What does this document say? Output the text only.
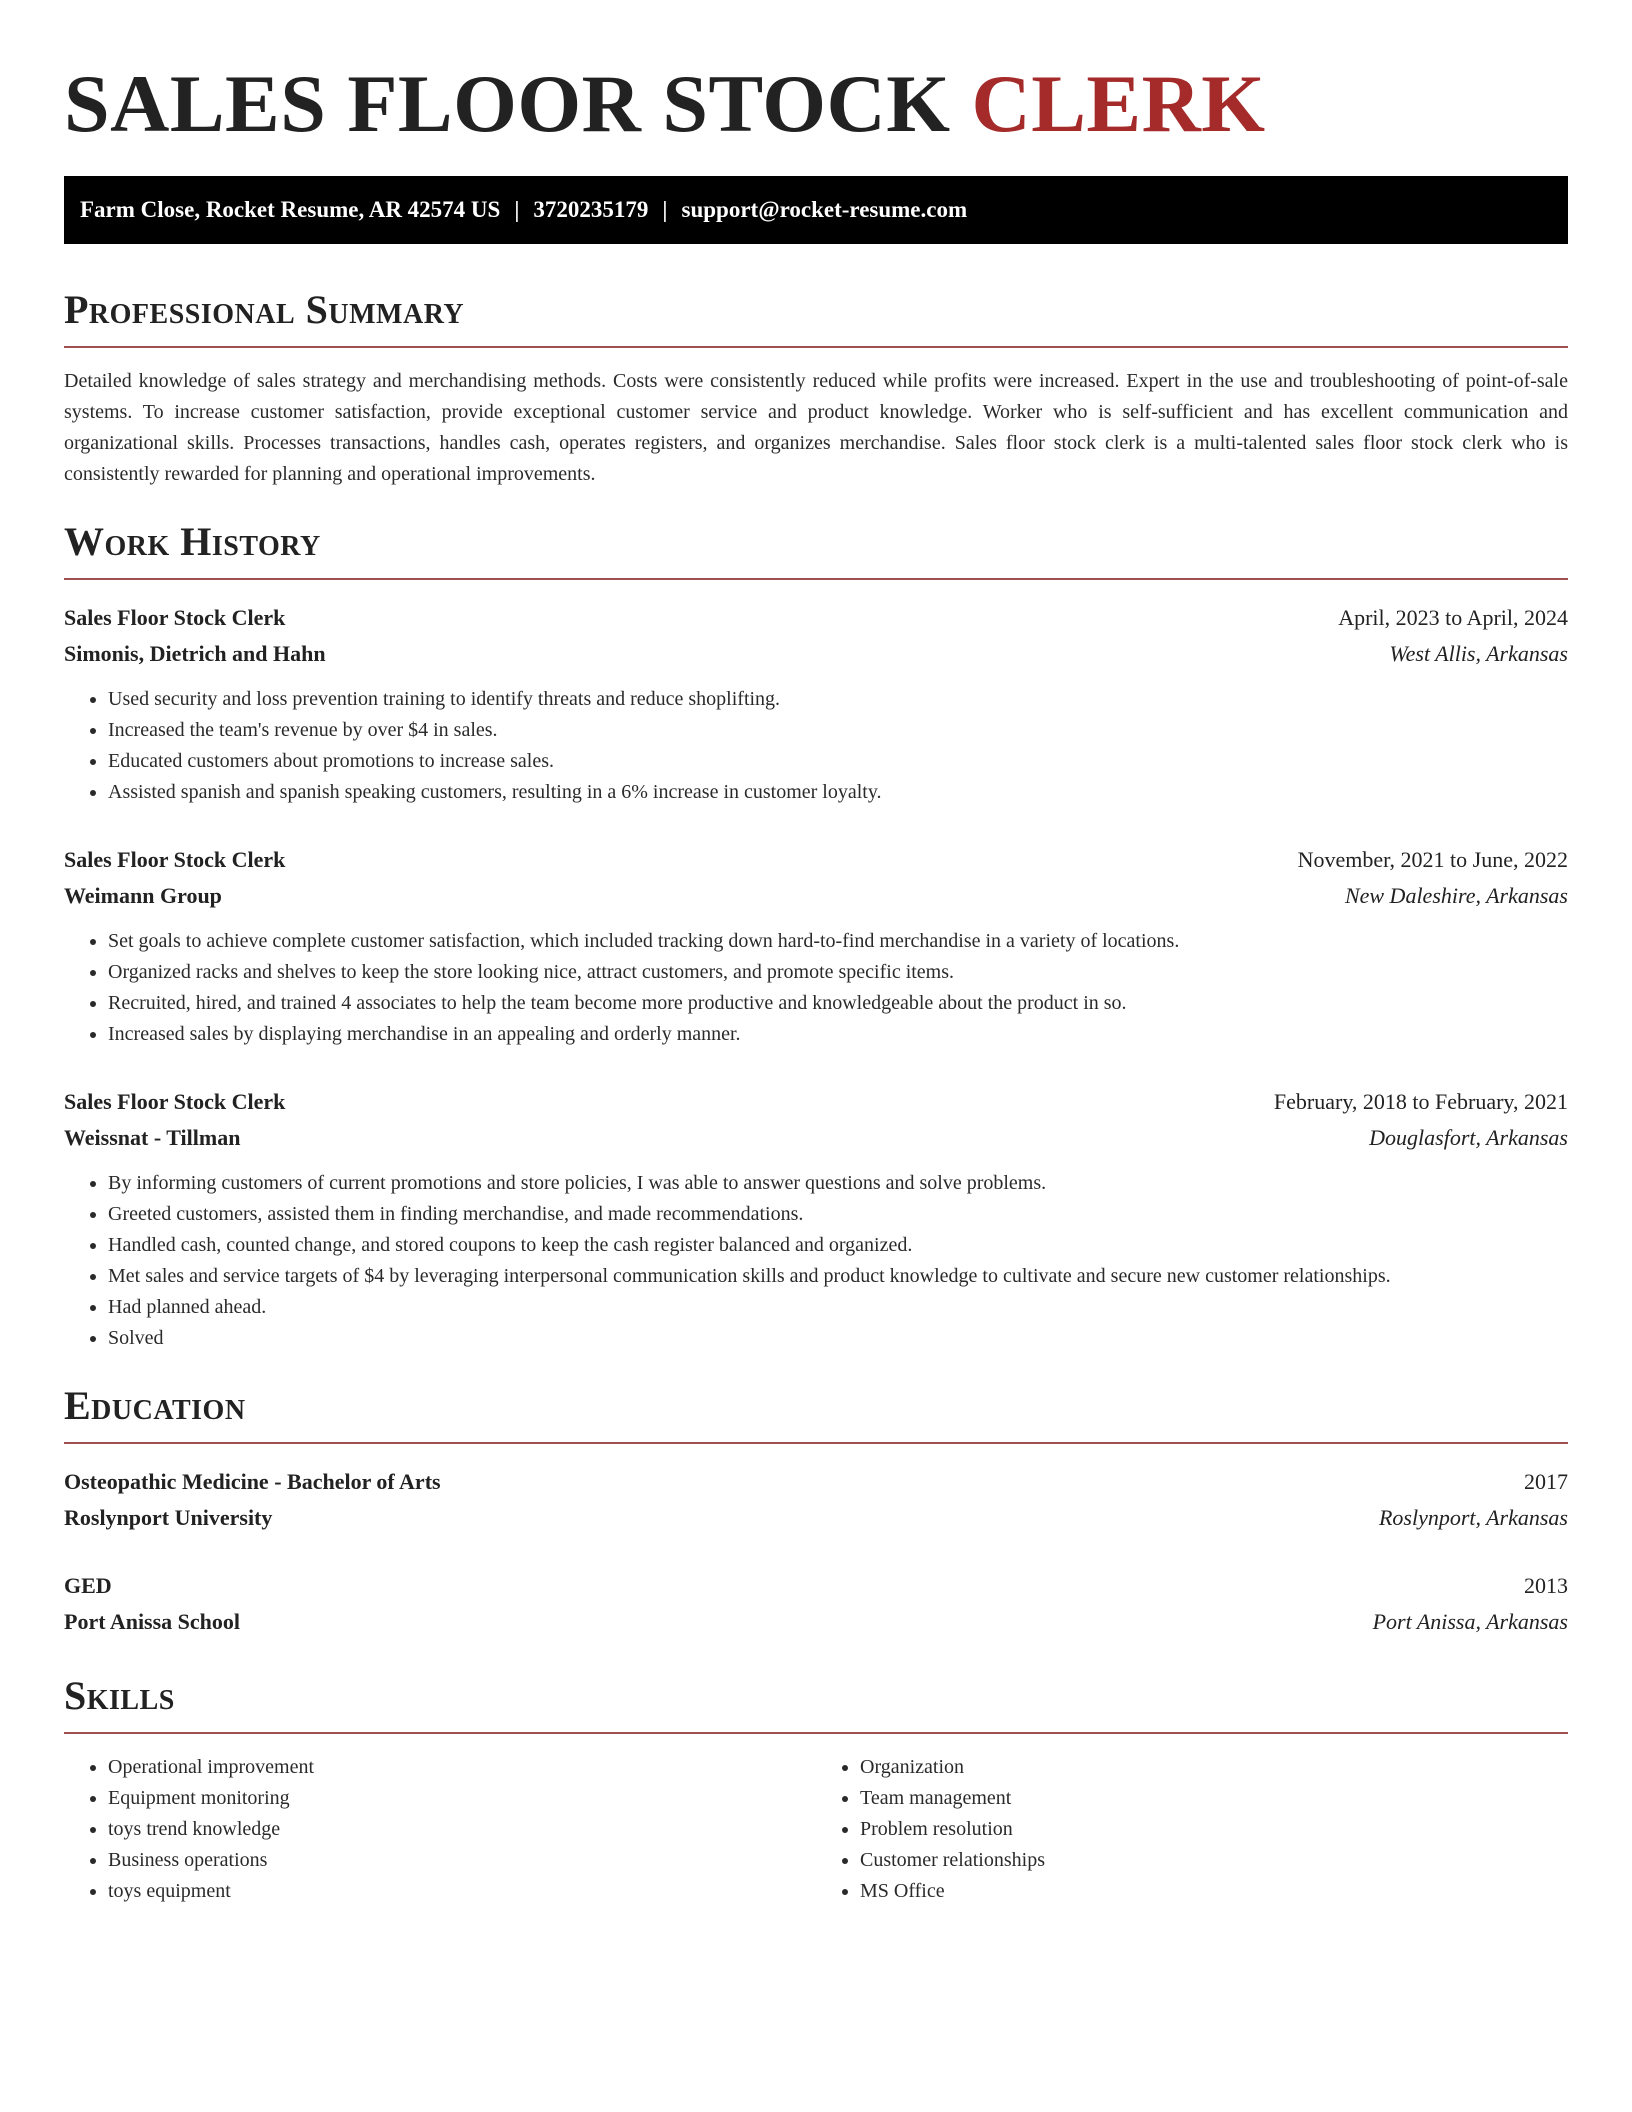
SALES FLOOR STOCK CLERK
Farm Close, Rocket Resume, AR 42574 US | 3720235179 | support@rocket-resume.com
Professional Summary

Detailed knowledge of sales strategy and merchandising methods. Costs were consistently reduced while profits were increased. Expert in the use and troubleshooting of point-of-sale systems. To increase customer satisfaction, provide exceptional customer service and product knowledge. Worker who is self-sufficient and has excellent communication and organizational skills. Processes transactions, handles cash, operates registers, and organizes merchandise. Sales floor stock clerk is a multi-talented sales floor stock clerk who is consistently rewarded for planning and operational improvements.

Work History
Sales Floor Stock Clerk	April, 2023 to April, 2024
Simonis, Dietrich and Hahn	West Allis, Arkansas
• Used security and loss prevention training to identify threats and reduce shoplifting.
• Increased the team's revenue by over $4 in sales.
• Educated customers about promotions to increase sales.
• Assisted spanish and spanish speaking customers, resulting in a 6% increase in customer loyalty.
Sales Floor Stock Clerk	November, 2021 to June, 2022
Weimann Group	New Daleshire, Arkansas
• Set goals to achieve complete customer satisfaction, which included tracking down hard-to-find merchandise in a variety of locations.
• Organized racks and shelves to keep the store looking nice, attract customers, and promote specific items.
• Recruited, hired, and trained 4 associates to help the team become more productive and knowledgeable about the product in so.
• Increased sales by displaying merchandise in an appealing and orderly manner.
Sales Floor Stock Clerk	February, 2018 to February, 2021
Weissnat - Tillman	Douglasfort, Arkansas
• By informing customers of current promotions and store policies, I was able to answer questions and solve problems.
• Greeted customers, assisted them in finding merchandise, and made recommendations.
• Handled cash, counted change, and stored coupons to keep the cash register balanced and organized.
• Met sales and service targets of $4 by leveraging interpersonal communication skills and product knowledge to cultivate and secure new customer relationships.
• Had planned ahead.
• Solved
Education
Osteopathic Medicine - Bachelor of Arts	2017
Roslynport University	Roslynport, Arkansas
GED	2013
Port Anissa School	Port Anissa, Arkansas
Skills
• Operational improvement
• Equipment monitoring
• toys trend knowledge
• Business operations
• toys equipment
• Organization
• Team management
• Problem resolution
• Customer relationships
• MS Office
